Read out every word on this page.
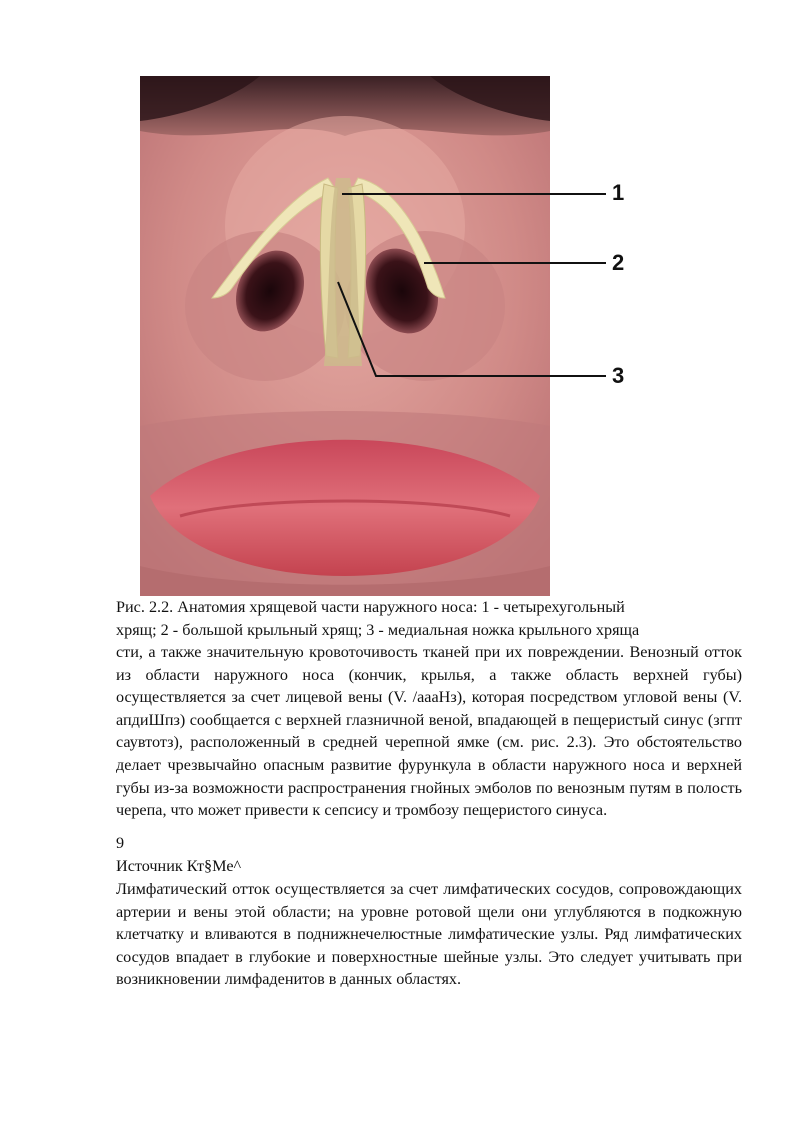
1
2
3

Рис. 2.2. Анатомия хрящевой части наружного носа: 1 - четырехугольный

хрящ; 2 - большой крыльный хрящ; 3 - медиальная ножка крыльного хряща

сти, а также значительную кровоточивость тканей при их повреждении. Венозный отток из области наружного носа (кончик, крылья, а также область верхней губы) осуществляется за счет лицевой вены (V. /аааНз), которая посредством угловой вены (V. апдиШпз) сообщается с верхней глазничной веной, впадающей в пещеристый синус (згпт саувтотз), расположенный в средней черепной ямке (см. рис. 2.3). Это обстоятельство делает чрезвычайно опасным развитие фурункула в области наружного носа и верхней губы из-за возможности распространения гнойных эмболов по венозным путям в полость черепа, что может привести к сепсису и тромбозу пещеристого синуса.

9
Источник Кт§Ме^

Лимфатический отток осуществляется за счет лимфатических сосудов, сопровождающих артерии и вены этой области; на уровне ротовой щели они углубляются в подкожную клетчатку и вливаются в поднижнечелюстные лимфатические узлы. Ряд лимфатических сосудов впадает в глубокие и поверхностные шейные узлы. Это следует учитывать при возникновении лимфаденитов в данных областях.
